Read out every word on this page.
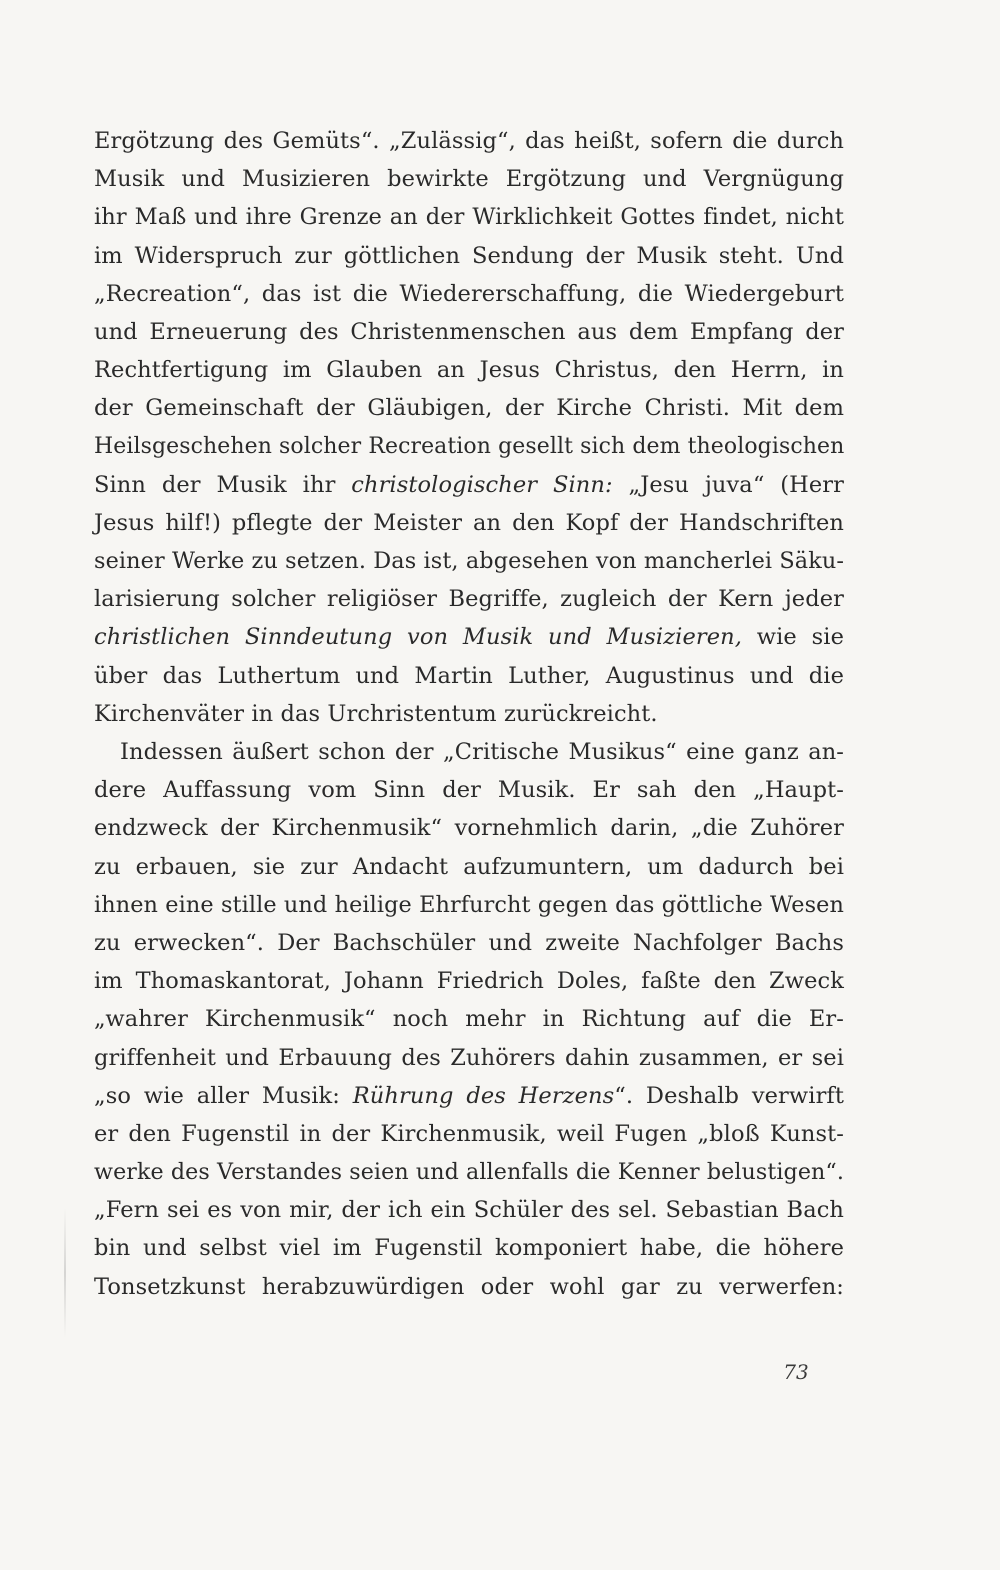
Ergötzung des Gemüts“. „Zulässig“, das heißt, sofern die durch
Musik und Musizieren bewirkte Ergötzung und Vergnügung
ihr Maß und ihre Grenze an der Wirklichkeit Gottes findet, nicht
im Widerspruch zur göttlichen Sendung der Musik steht. Und
„Recreation“, das ist die Wiedererschaffung, die Wiedergeburt
und Erneuerung des Christenmenschen aus dem Empfang der
Rechtfertigung im Glauben an Jesus Christus, den Herrn, in
der Gemeinschaft der Gläubigen, der Kirche Christi. Mit dem
Heilsgeschehen solcher Recreation gesellt sich dem theologischen
Sinn der Musik ihr christologischer Sinn: „Jesu juva“ (Herr
Jesus hilf!) pflegte der Meister an den Kopf der Handschriften
seiner Werke zu setzen. Das ist, abgesehen von mancherlei Säku-
larisierung solcher religiöser Begriffe, zugleich der Kern jeder
christlichen Sinndeutung von Musik und Musizieren, wie sie
über das Luthertum und Martin Luther, Augustinus und die
Kirchenväter in das Urchristentum zurückreicht.
Indessen äußert schon der „Critische Musikus“ eine ganz an-
dere Auffassung vom Sinn der Musik. Er sah den „Haupt-
endzweck der Kirchenmusik“ vornehmlich darin, „die Zuhörer
zu erbauen, sie zur Andacht aufzumuntern, um dadurch bei
ihnen eine stille und heilige Ehrfurcht gegen das göttliche Wesen
zu erwecken“. Der Bachschüler und zweite Nachfolger Bachs
im Thomaskantorat, Johann Friedrich Doles, faßte den Zweck
„wahrer Kirchenmusik“ noch mehr in Richtung auf die Er-
griffenheit und Erbauung des Zuhörers dahin zusammen, er sei
„so wie aller Musik: Rührung des Herzens“. Deshalb verwirft
er den Fugenstil in der Kirchenmusik, weil Fugen „bloß Kunst-
werke des Verstandes seien und allenfalls die Kenner belustigen“.
„Fern sei es von mir, der ich ein Schüler des sel. Sebastian Bach
bin und selbst viel im Fugenstil komponiert habe, die höhere
Tonsetzkunst herabzuwürdigen oder wohl gar zu verwerfen:
73
